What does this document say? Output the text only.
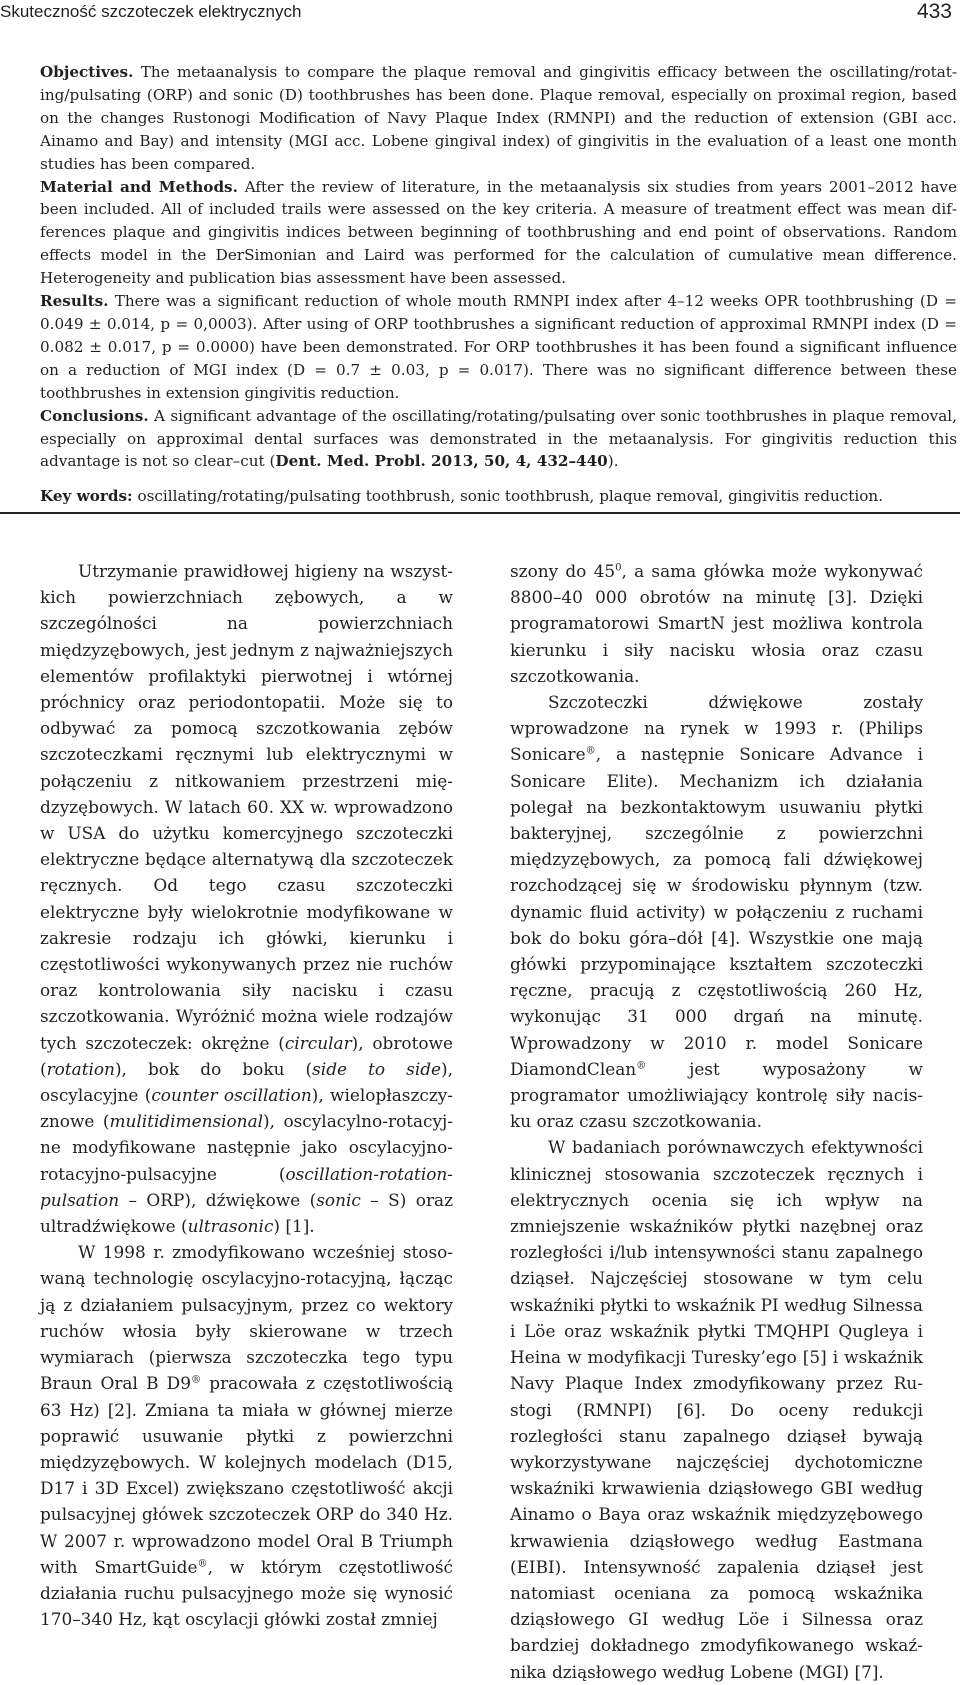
Skuteczność szczoteczek elektrycznych	433

Objectives. The metaanalysis to compare the plaque removal and gingivitis efficacy between the oscillating/rotating/pulsating (ORP) and sonic (D) toothbrushes has been done. Plaque removal, especially on proximal region, based on the changes Rustonogi Modification of Navy Plaque Index (RMNPI) and the reduction of extension (GBI acc. Ainamo and Bay) and intensity (MGI acc. Lobene gingival index) of gingivitis in the evaluation of a least one month studies has been compared.

Material and Methods. After the review of literature, in the metaanalysis six studies from years 2001–2012 have been included. All of included trails were assessed on the key criteria. A measure of treatment effect was mean differences plaque and gingivitis indices between beginning of toothbrushing and end point of observations. Random effects model in the DerSimonian and Laird was performed for the calculation of cumulative mean difference. Heterogeneity and publication bias assessment have been assessed.

Results. There was a significant reduction of whole mouth RMNPI index after 4–12 weeks OPR toothbrushing (D = 0.049 ± 0.014, p = 0,0003). After using of ORP toothbrushes a significant reduction of approximal RMNPI index (D = 0.082 ± 0.017, p = 0.0000) have been demonstrated. For ORP toothbrushes it has been found a significant influence on a reduction of MGI index (D = 0.7 ± 0.03, p = 0.017). There was no significant difference between these toothbrushes in extension gingivitis reduction.

Conclusions. A significant advantage of the oscillating/rotating/pulsating over sonic toothbrushes in plaque removal, especially on approximal dental surfaces was demonstrated in the metaanalysis. For gingivitis reduction this advantage is not so clear–cut (Dent. Med. Probl. 2013, 50, 4, 432–440).

Key words: oscillating/rotating/pulsating toothbrush, sonic toothbrush, plaque removal, gingivitis reduction.

Utrzymanie prawidłowej higieny na wszystkich powierzchniach zębowych, a w szczególności na powierzchniach międzyzębowych, jest jednym z najważniejszych elementów profilaktyki pierwotnej i wtórnej próchnicy oraz periodontopatii. Może się to odbywać za pomocą szczotkowania zębów szczoteczkami ręcznymi lub elektrycznymi w połączeniu z nitkowaniem przestrzeni międzyzębowych. W latach 60. XX w. wprowadzono w USA do użytku komercyjnego szczoteczki elektryczne będące alternatywą dla szczoteczek ręcznych. Od tego czasu szczoteczki elektryczne były wielokrotnie modyfikowane w zakresie rodzaju ich główki, kierunku i częstotliwości wykonywanych przez nie ruchów oraz kontrolowania siły nacisku i czasu szczotkowania. Wyróżnić można wiele rodzajów tych szczoteczek: okrężne (circular), obrotowe (rotation), bok do boku (side to side), oscylacyjne (counter oscillation), wielopłaszczyznowe (mulitidimensional), oscylacylno-rotacyjne modyfikowane następnie jako oscylacyjno-rotacyjno-pulsacyjne (oscillation-rotation-pulsation – ORP), dźwiękowe (sonic – S) oraz ultradźwiękowe (ultrasonic) [1].

W 1998 r. zmodyfikowano wcześniej stosowaną technologię oscylacyjno-rotacyjną, łącząc ją z działaniem pulsacyjnym, przez co wektory ruchów włosia były skierowane w trzech wymiarach (pierwsza szczoteczka tego typu Braun Oral B D9® pracowała z częstotliwością 63 Hz) [2]. Zmiana ta miała w głównej mierze poprawić usuwanie płytki z powierzchni międzyzębowych. W kolejnych modelach (D15, D17 i 3D Excel) zwiększano częstotliwość akcji pulsacyjnej główek szczoteczek ORP do 340 Hz. W 2007 r. wprowadzono model Oral B Triumph with SmartGuide®, w którym częstotliwość działania ruchu pulsacyjnego może się wynosić 170–340 Hz, kąt oscylacji główki został zmniej

szony do $45^0$, a sama główka może wykonywać 8800–40 000 obrotów na minutę [3]. Dzięki programatorowi SmartN jest możliwa kontrola kierunku i siły nacisku włosia oraz czasu szczotkowania.

Szczoteczki dźwiękowe zostały wprowadzone na rynek w 1993 r. (Philips Sonicare®, a następnie Sonicare Advance i Sonicare Elite). Mechanizm ich działania polegał na bezkontaktowym usuwaniu płytki bakteryjnej, szczególnie z powierzchni międzyzębowych, za pomocą fali dźwiękowej rozchodzącej się w środowisku płynnym (tzw. dynamic fluid activity) w połączeniu z ruchami bok do boku góra–dół [4]. Wszystkie one mają główki przypominające kształtem szczoteczki ręczne, pracują z częstotliwością 260 Hz, wykonując 31 000 drgań na minutę. Wprowadzony w 2010 r. model Sonicare DiamondClean® jest wyposażony w programator umożliwiający kontrolę siły nacisku oraz czasu szczotkowania.

W badaniach porównawczych efektywności klinicznej stosowania szczoteczek ręcznych i elektrycznych ocenia się ich wpływ na zmniejszenie wskaźników płytki nazębnej oraz rozległości i/lub intensywności stanu zapalnego dziąseł. Najczęściej stosowane w tym celu wskaźniki płytki to wskaźnik PI według Silnessa i Löe oraz wskaźnik płytki TMQHPI Qugleya i Heina w modyfikacji Turesky’ego [5] i wskaźnik Navy Plaque Index zmodyfikowany przez Rustogi (RMNPI) [6]. Do oceny redukcji rozległości stanu zapalnego dziąseł bywają wykorzystywane najczęściej dychotomiczne wskaźniki krwawienia dziąsłowego GBI według Ainamo o Baya oraz wskaźnik międzyzębowego krwawienia dziąsłowego według Eastmana (EIBI). Intensywność zapalenia dziąseł jest natomiast oceniana za pomocą wskaźnika dziąsłowego GI według Löe i Silnessa oraz bardziej dokładnego zmodyfikowanego wskaźnika dziąsłowego według Lobene (MGI) [7].
